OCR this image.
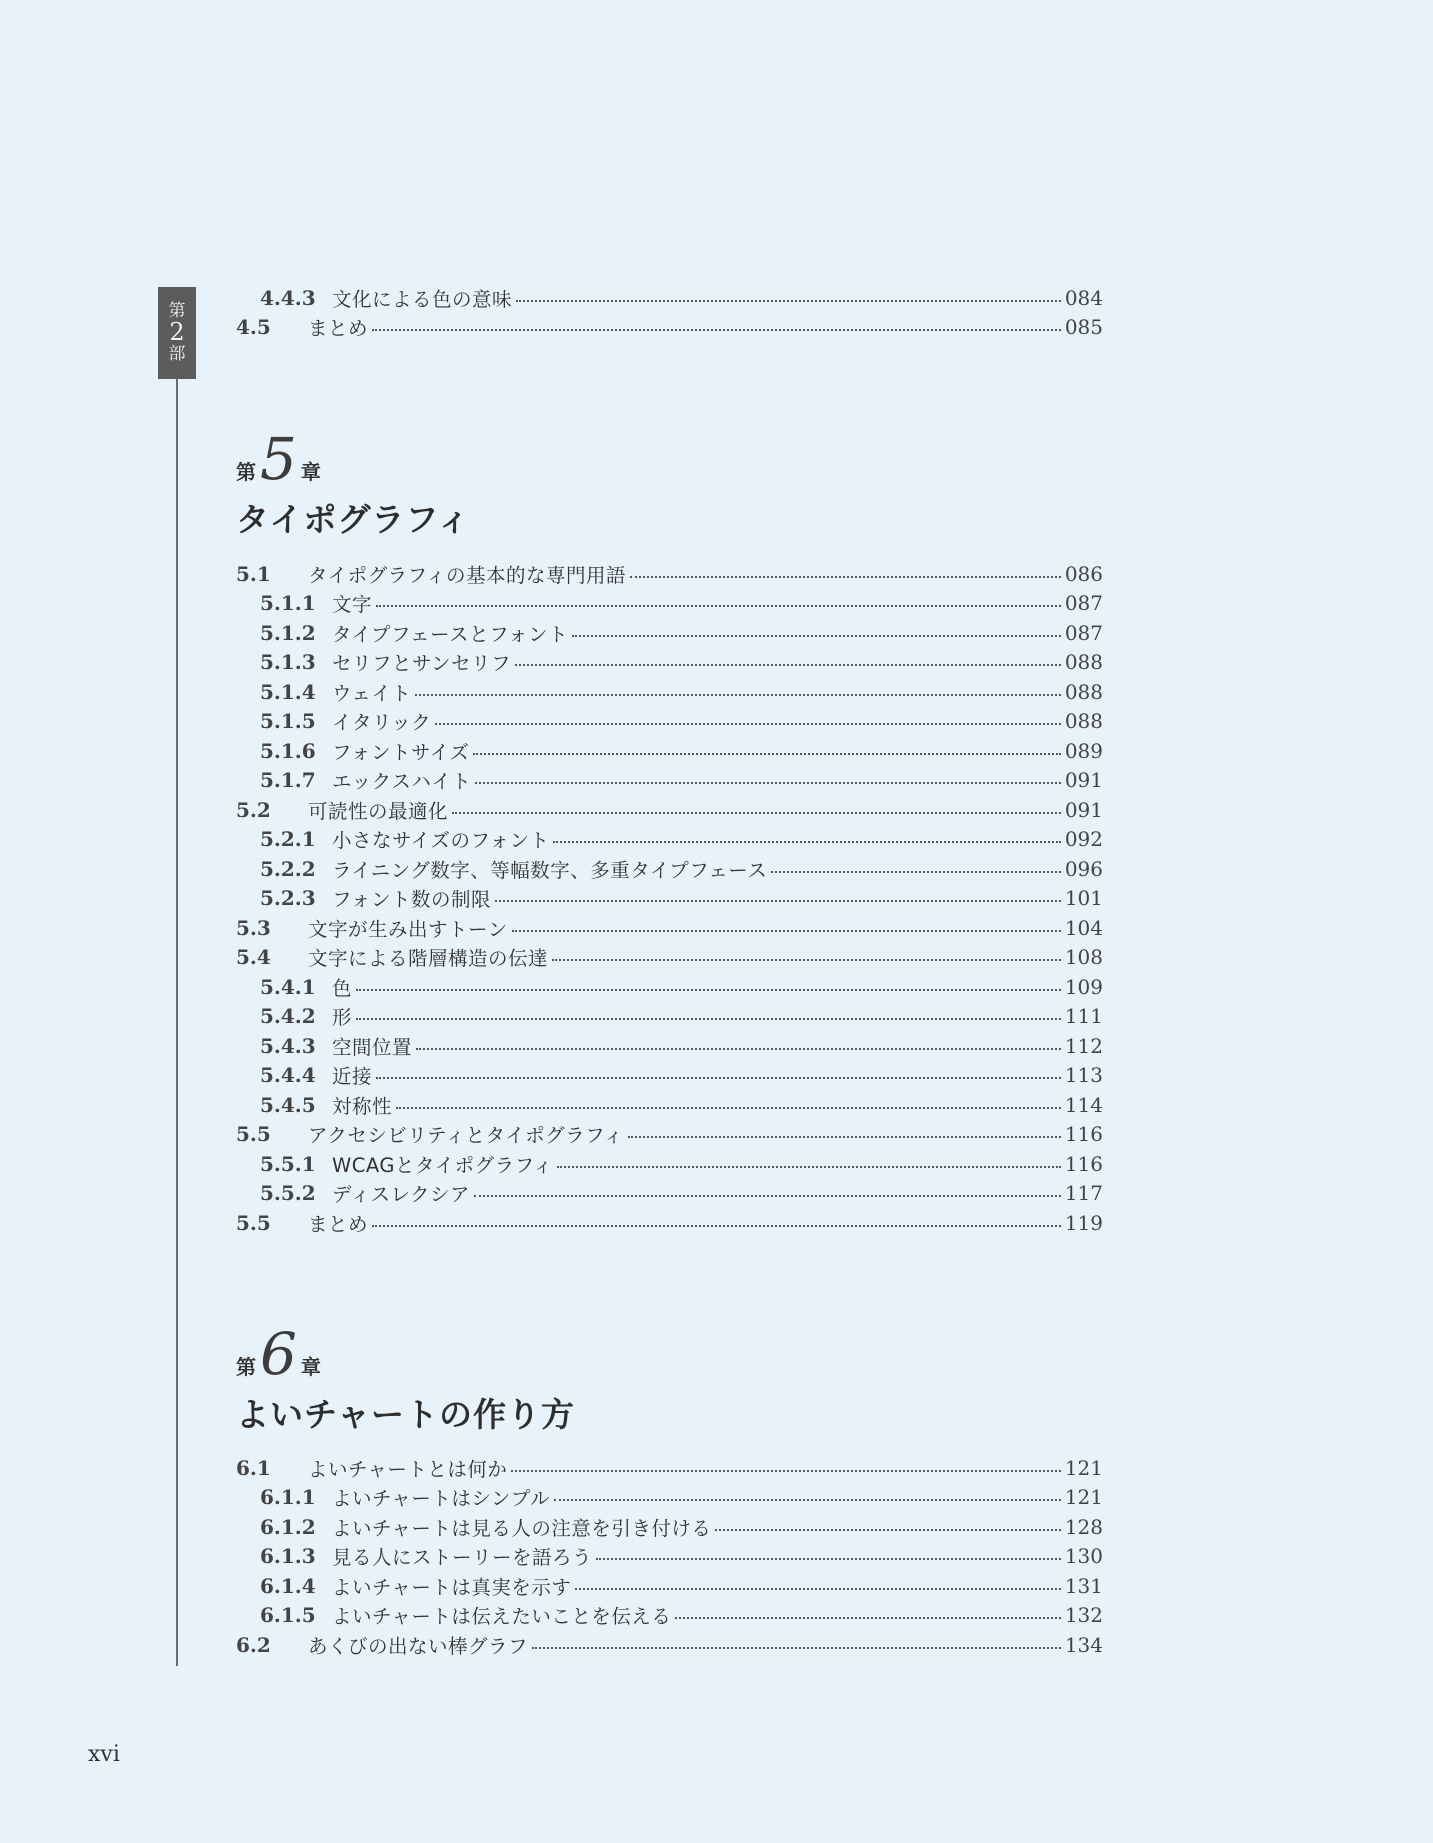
第
2
部
4.4.3 文化による色の意味	084
4.5	まとめ	085
第 5 章
タイポグラフィ
5.1	タイポグラフィの基本的な専門用語	086
5.1.1 文字	087
5.1.2 タイプフェースとフォント	087
5.1.3 セリフとサンセリフ	088
5.1.4 ウェイト	088
5.1.5 イタリック	088
5.1.6 フォントサイズ	089
5.1.7 エックスハイト	091
5.2	可読性の最適化	091
5.2.1 小さなサイズのフォント	092
5.2.2 ライニング数字、等幅数字、多重タイプフェース	096
5.2.3 フォント数の制限	101
5.3	文字が生み出すトーン	104
5.4	文字による階層構造の伝達	108
5.4.1 色	109
5.4.2 形	111
5.4.3 空間位置	112
5.4.4 近接	113
5.4.5 対称性	114
5.5	アクセシビリティとタイポグラフィ	116
5.5.1 WCAGとタイポグラフィ	116
5.5.2 ディスレクシア	117
5.5	まとめ	119
第 6 章
よいチャートの作り方
6.1	よいチャートとは何か	121
6.1.1 よいチャートはシンプル	121
6.1.2 よいチャートは見る人の注意を引き付ける	128
6.1.3 見る人にストーリーを語ろう	130
6.1.4 よいチャートは真実を示す	131
6.1.5 よいチャートは伝えたいことを伝える	132
6.2	あくびの出ない棒グラフ	134
xvi
